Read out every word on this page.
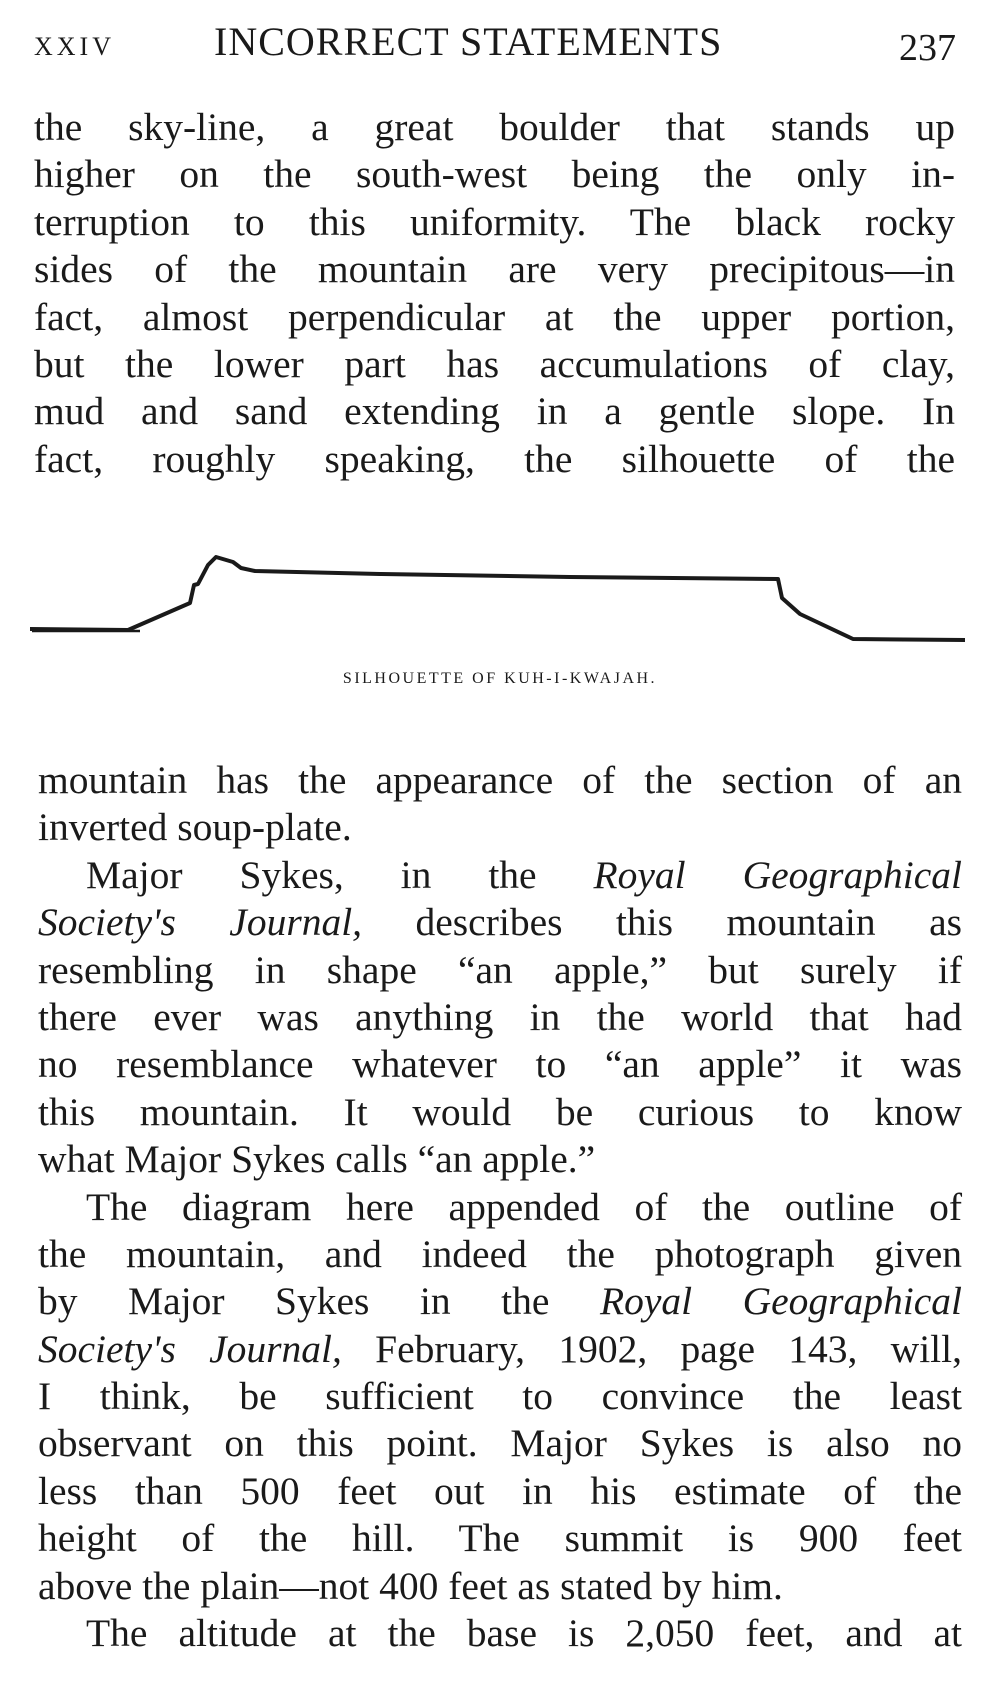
XXIV INCORRECT STATEMENTS	237
the sky-line, a great boulder that stands up
higher on the south-west being the only in-
terruption to this uniformity. The black rocky
sides of the mountain are very precipitous—in
fact, almost perpendicular at the upper portion,
but the lower part has accumulations of clay,
mud and sand extending in a gentle slope. In
fact, roughly speaking, the silhouette of the
SILHOUETTE OF KUH-I-KWAJAH.
mountain has the appearance of the section of an
inverted soup-plate.
Major Sykes, in the Royal Geographical
Society's Journal, describes this mountain as
resembling in shape “an apple,” but surely if
there ever was anything in the world that had
no resemblance whatever to “an apple” it was
this mountain. It would be curious to know
what Major Sykes calls “an apple.”
The diagram here appended of the outline of
the mountain, and indeed the photograph given
by Major Sykes in the Royal Geographical
Society's Journal, February, 1902, page 143, will,
I think, be sufficient to convince the least
observant on this point. Major Sykes is also no
less than 500 feet out in his estimate of the
height of the hill. The summit is 900 feet
above the plain—not 400 feet as stated by him.
The altitude at the base is 2,050 feet, and at
